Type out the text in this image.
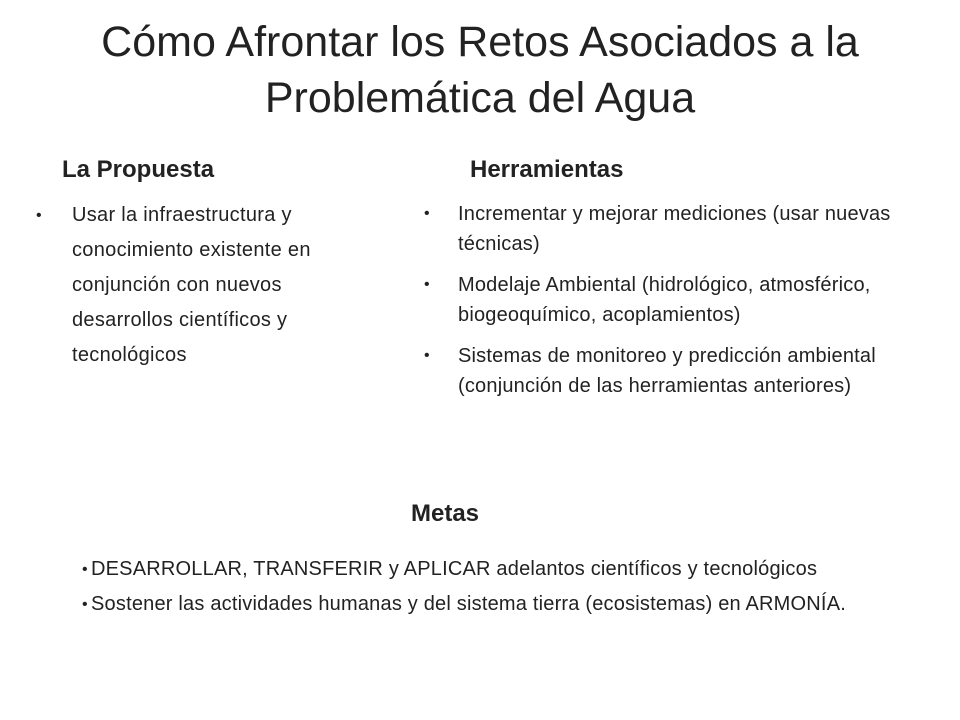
Cómo Afrontar los Retos Asociados a la Problemática del Agua
La Propuesta
• Usar la infraestructura y conocimiento existente en conjunción con nuevos desarrollos científicos y tecnológicos
Herramientas
• Incrementar y mejorar mediciones (usar nuevas técnicas)
• Modelaje Ambiental (hidrológico, atmosférico, biogeoquímico, acoplamientos)
• Sistemas de monitoreo y predicción ambiental (conjunción de las herramientas anteriores)
Metas
• DESARROLLAR, TRANSFERIR y APLICAR adelantos científicos y tecnológicos
• Sostener las actividades humanas y del sistema tierra (ecosistemas) en ARMONÍA.
